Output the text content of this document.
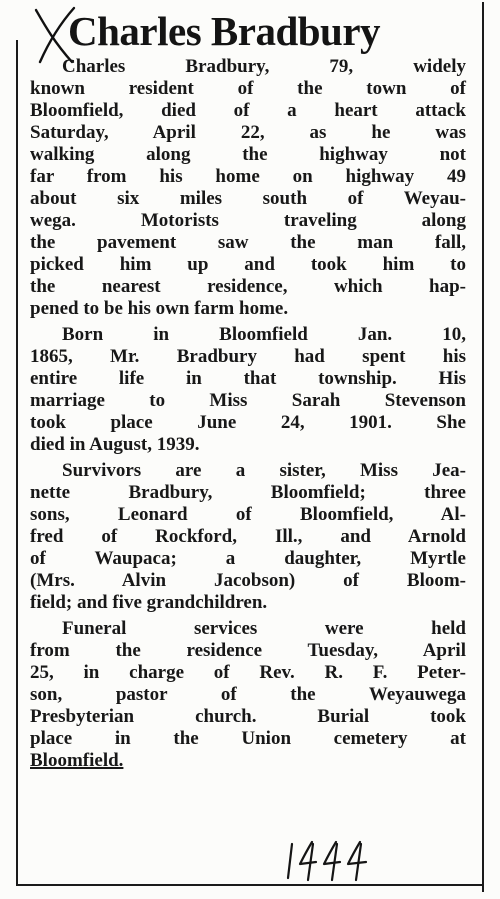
Charles Bradbury

Charles Bradbury, 79, widely
known resident of the town of
Bloomfield, died of a heart attack
Saturday, April 22, as he was
walking along the highway not
far from his home on highway 49
about six miles south of Weyau-
wega. Motorists traveling along
the pavement saw the man fall,
picked him up and took him to
the nearest residence, which hap-
pened to be his own farm home.

Born in Bloomfield Jan. 10,
1865, Mr. Bradbury had spent his
entire life in that township. His
marriage to Miss Sarah Stevenson
took place June 24, 1901. She
died in August, 1939.

Survivors are a sister, Miss Jea-
nette Bradbury, Bloomfield; three
sons, Leonard of Bloomfield, Al-
fred of Rockford, Ill., and Arnold
of Waupaca; a daughter, Myrtle
(Mrs. Alvin Jacobson) of Bloom-
field; and five grandchildren.

Funeral services were held
from the residence Tuesday, April
25, in charge of Rev. R. F. Peter-
son, pastor of the Weyauwega
Presbyterian church. Burial took
place in the Union cemetery at
Bloomfield.
